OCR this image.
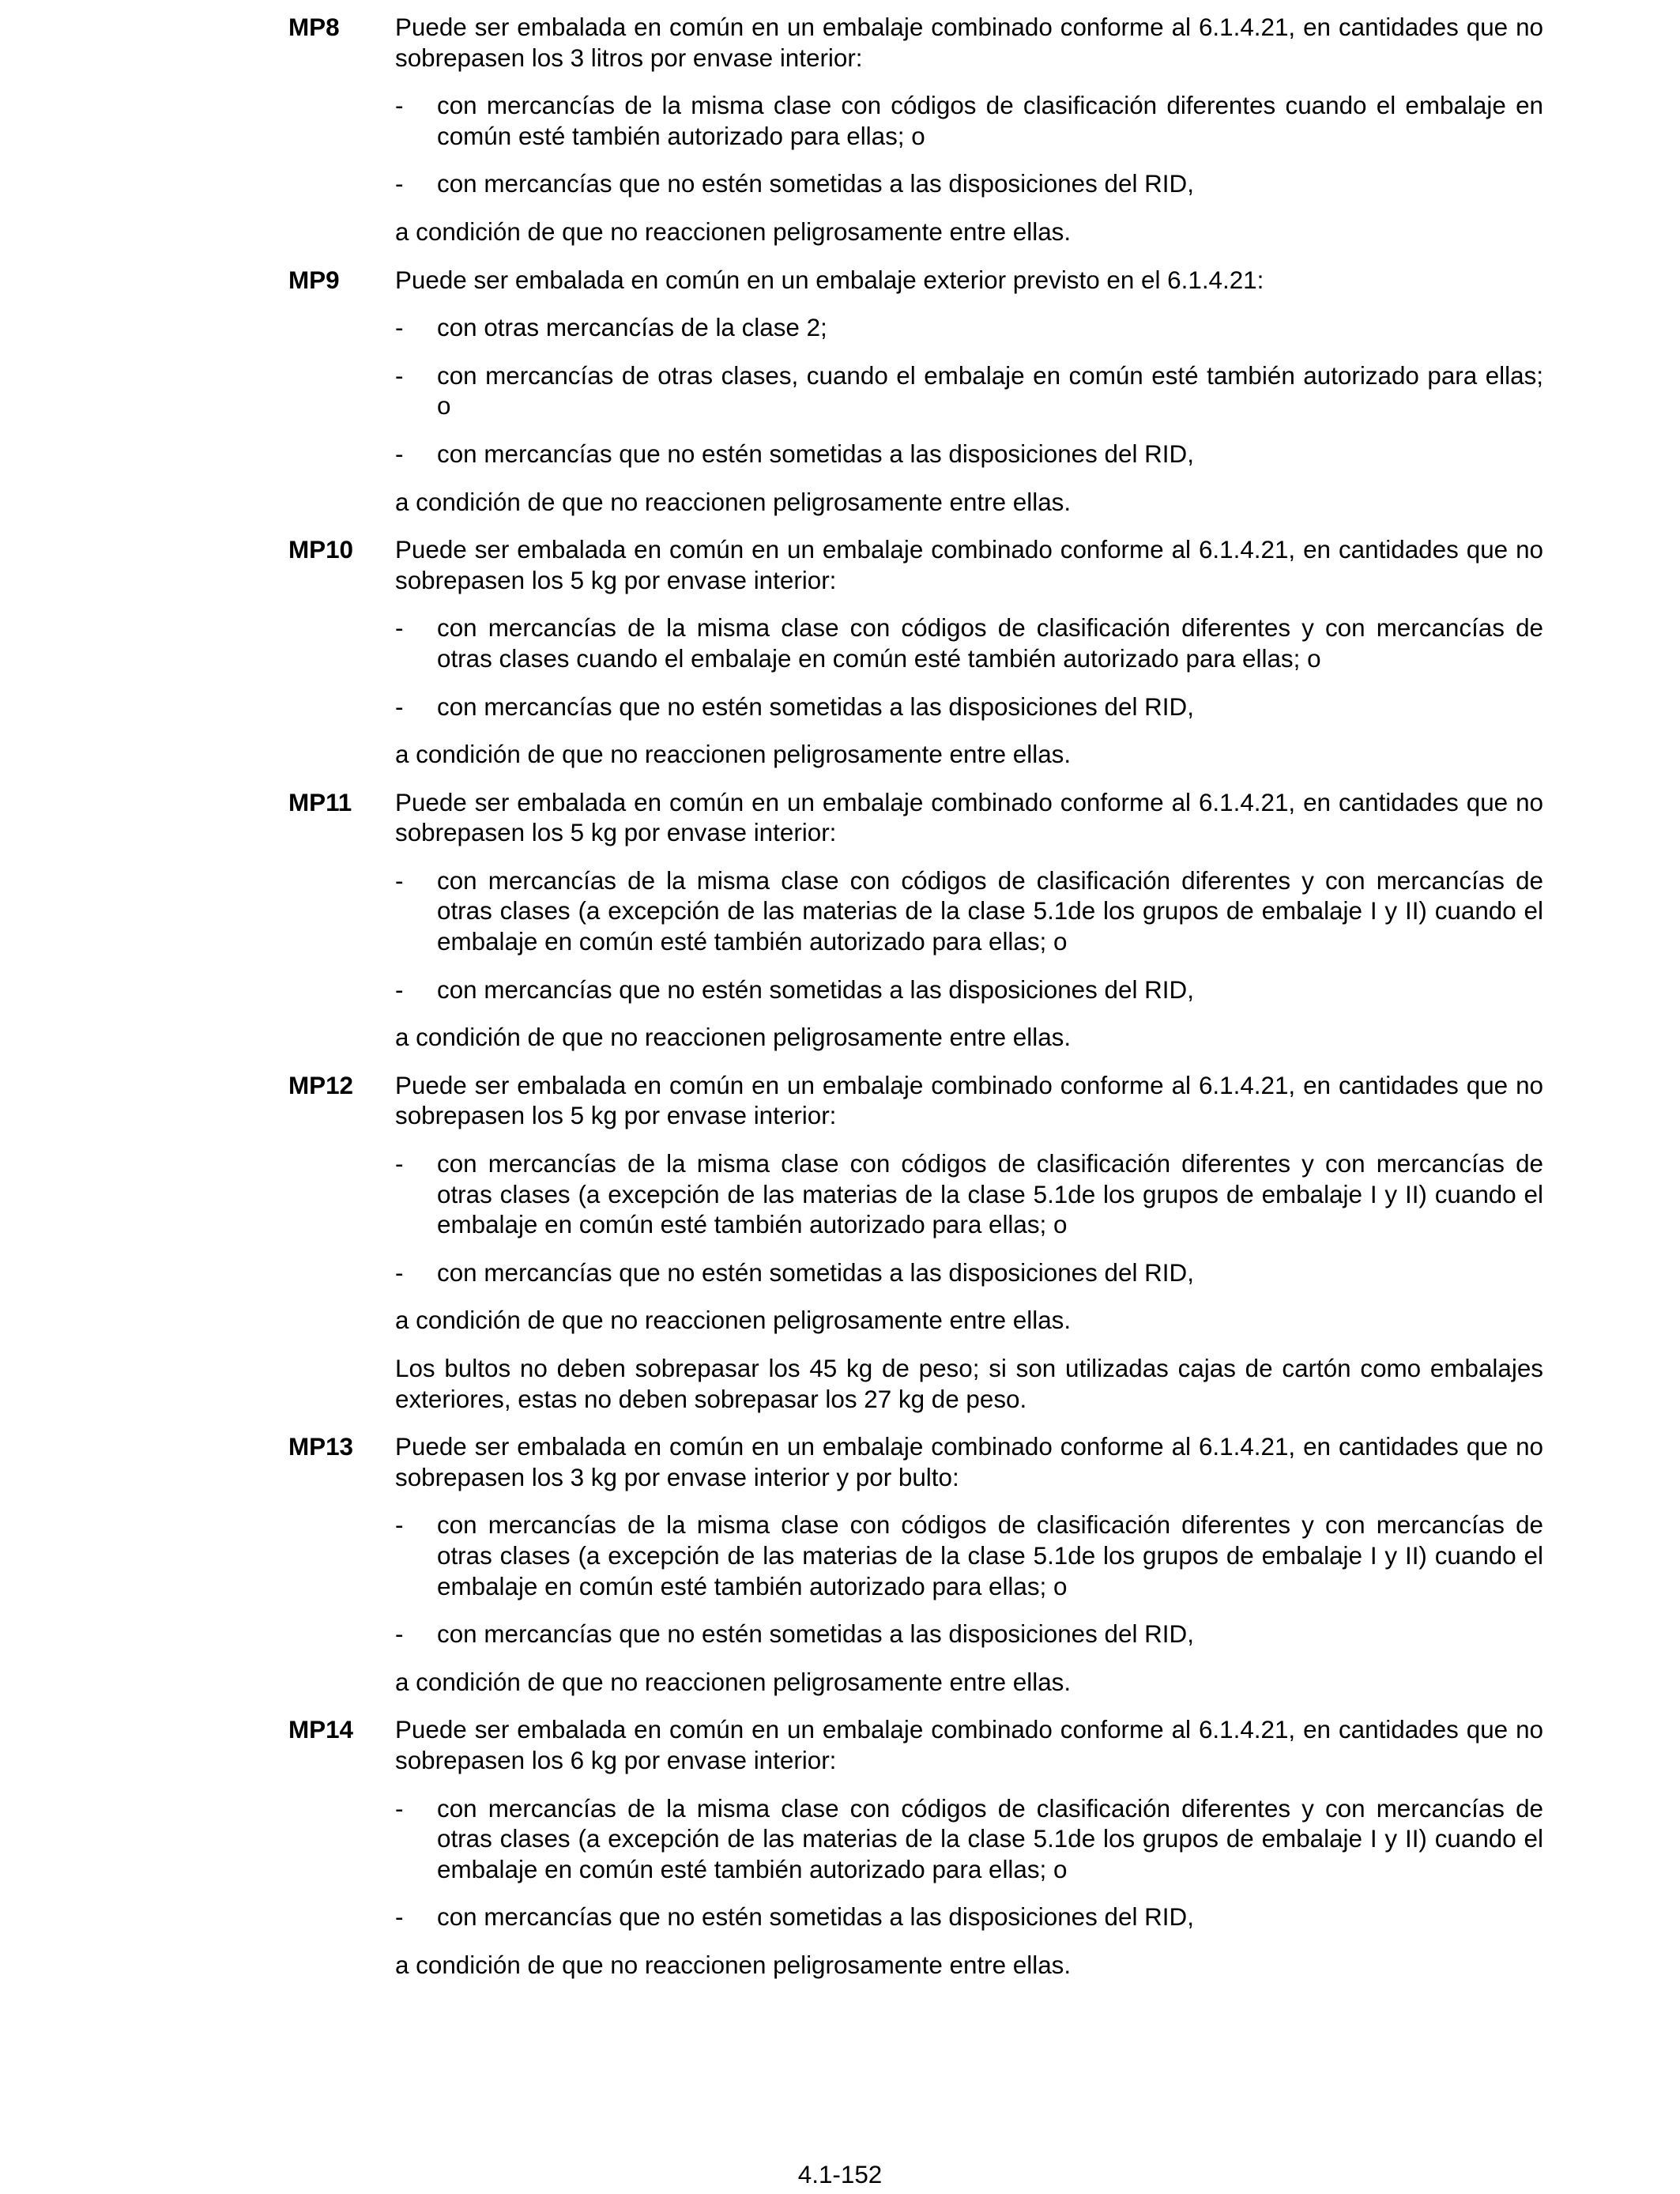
MP8 Puede ser embalada en común en un embalaje combinado conforme al 6.1.4.21, en cantidades que no sobrepasen los 3 litros por envase interior:

- con mercancías de la misma clase con códigos de clasificación diferentes cuando el embalaje en común esté también autorizado para ellas; o
- con mercancías que no estén sometidas a las disposiciones del RID,

a condición de que no reaccionen peligrosamente entre ellas.

MP9 Puede ser embalada en común en un embalaje exterior previsto en el 6.1.4.21:

- con otras mercancías de la clase 2;
- con mercancías de otras clases, cuando el embalaje en común esté también autorizado para ellas; o
- con mercancías que no estén sometidas a las disposiciones del RID,

a condición de que no reaccionen peligrosamente entre ellas.

MP10 Puede ser embalada en común en un embalaje combinado conforme al 6.1.4.21, en cantidades que no sobrepasen los 5 kg por envase interior:

- con mercancías de la misma clase con códigos de clasificación diferentes y con mercancías de otras clases cuando el embalaje en común esté también autorizado para ellas; o
- con mercancías que no estén sometidas a las disposiciones del RID,

a condición de que no reaccionen peligrosamente entre ellas.

MP11 Puede ser embalada en común en un embalaje combinado conforme al 6.1.4.21, en cantidades que no sobrepasen los 5 kg por envase interior:

- con mercancías de la misma clase con códigos de clasificación diferentes y con mercancías de otras clases (a excepción de las materias de la clase 5.1de los grupos de embalaje I y II) cuando el embalaje en común esté también autorizado para ellas; o
- con mercancías que no estén sometidas a las disposiciones del RID,

a condición de que no reaccionen peligrosamente entre ellas.

MP12 Puede ser embalada en común en un embalaje combinado conforme al 6.1.4.21, en cantidades que no sobrepasen los 5 kg por envase interior:

- con mercancías de la misma clase con códigos de clasificación diferentes y con mercancías de otras clases (a excepción de las materias de la clase 5.1de los grupos de embalaje I y II) cuando el embalaje en común esté también autorizado para ellas; o
- con mercancías que no estén sometidas a las disposiciones del RID,

a condición de que no reaccionen peligrosamente entre ellas.

Los bultos no deben sobrepasar los 45 kg de peso; si son utilizadas cajas de cartón como embalajes exteriores, estas no deben sobrepasar los 27 kg de peso.

MP13 Puede ser embalada en común en un embalaje combinado conforme al 6.1.4.21, en cantidades que no sobrepasen los 3 kg por envase interior y por bulto:

- con mercancías de la misma clase con códigos de clasificación diferentes y con mercancías de otras clases (a excepción de las materias de la clase 5.1de los grupos de embalaje I y II) cuando el embalaje en común esté también autorizado para ellas; o
- con mercancías que no estén sometidas a las disposiciones del RID,

a condición de que no reaccionen peligrosamente entre ellas.

MP14 Puede ser embalada en común en un embalaje combinado conforme al 6.1.4.21, en cantidades que no sobrepasen los 6 kg por envase interior:

- con mercancías de la misma clase con códigos de clasificación diferentes y con mercancías de otras clases (a excepción de las materias de la clase 5.1de los grupos de embalaje I y II) cuando el embalaje en común esté también autorizado para ellas; o
- con mercancías que no estén sometidas a las disposiciones del RID,

a condición de que no reaccionen peligrosamente entre ellas.

4.1-152
